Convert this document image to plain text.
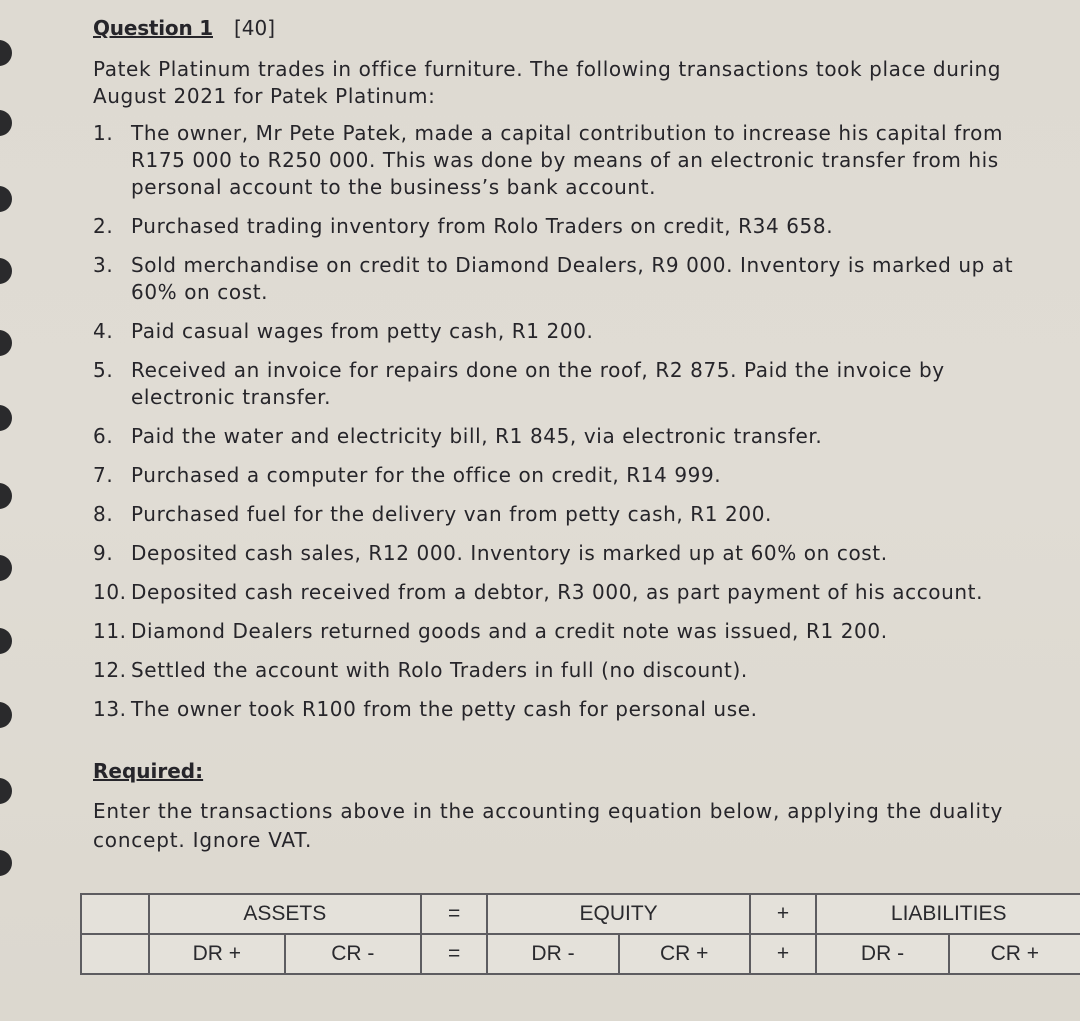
Question 1 [40]

Patek Platinum trades in office furniture. The following transactions took place during August 2021 for Patek Platinum:

1. The owner, Mr Pete Patek, made a capital contribution to increase his capital from R175 000 to R250 000. This was done by means of an electronic transfer from his personal account to the business’s bank account.
2. Purchased trading inventory from Rolo Traders on credit, R34 658.
3. Sold merchandise on credit to Diamond Dealers, R9 000. Inventory is marked up at 60% on cost.
4. Paid casual wages from petty cash, R1 200.
5. Received an invoice for repairs done on the roof, R2 875. Paid the invoice by electronic transfer.
6. Paid the water and electricity bill, R1 845, via electronic transfer.
7. Purchased a computer for the office on credit, R14 999.
8. Purchased fuel for the delivery van from petty cash, R1 200.
9. Deposited cash sales, R12 000. Inventory is marked up at 60% on cost.
10. Deposited cash received from a debtor, R3 000, as part payment of his account.
11. Diamond Dealers returned goods and a credit note was issued, R1 200.
12. Settled the account with Rolo Traders in full (no discount).
13. The owner took R100 from the petty cash for personal use.
Required:
Enter the transactions above in the accounting equation below, applying the duality concept. Ignore VAT.
	ASSETS		=	EQUITY		+	LIABILITIES	
	DR +	CR -	=	DR -	CR +	+	DR -	CR +
